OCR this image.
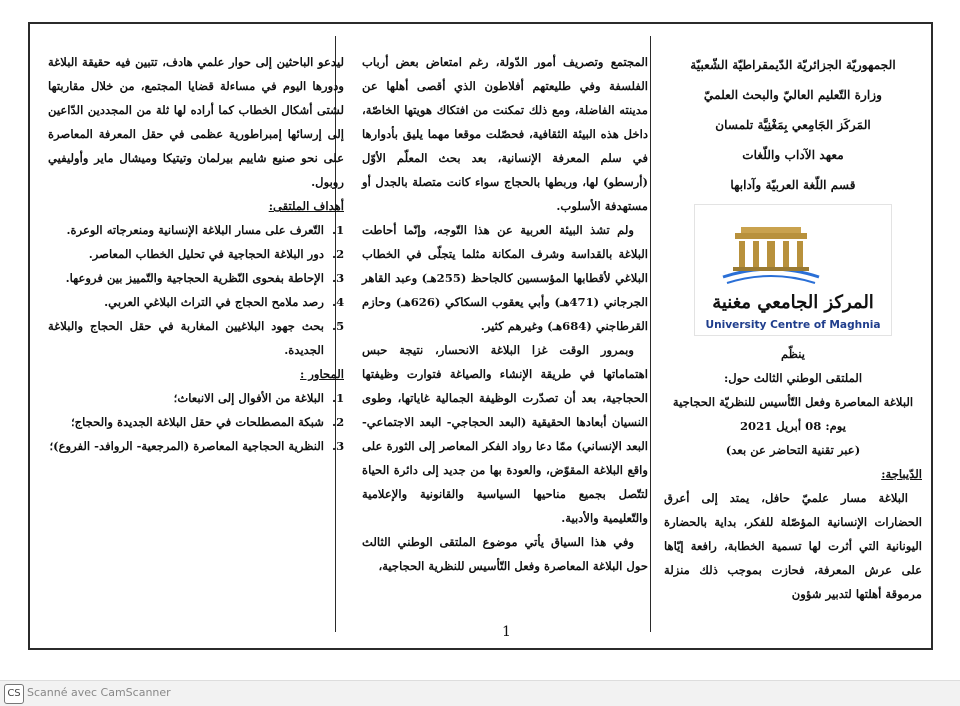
الجمهوريّة الجزائريّة الدّيمقراطيّة الشّعبيّة
وزارة التّعليم العاليّ والبحث العلميّ
المَركَز الجَامِعي بِمَغْنِيَّة تلمسان
معهد الآداب واللّغات
قسم اللّغة العربيّة وآدابها
المركز الجامعي مغنية
University Centre of Maghnia
ينظّم
الملتقى الوطني الثالث حول:
البلاغة المعاصرة وفعل التّأسيس للنظريّة الحجاجية
يوم: 08 أبريل 2021
(عبر تقنية التحاضر عن بعد)
الدّيباجة:

البلاغة مسار علميّ حافل، يمتد إلى أعرق الحضارات الإنسانية المؤصّلة للفكر، بداية بالحضارة اليونانية التي أثرت لها تسمية الخطابة، رافعة إيّاها على عرش المعرفة، فحازت بموجب ذلك منزلة مرموقة أهلتها لتدبير شؤون

المجتمع وتصريف أمور الدّولة، رغم امتعاض بعض أرباب الفلسفة وفي طليعتهم أفلاطون الذي أقصى أهلها عن مدينته الفاضلة، ومع ذلك تمكنت من افتكاك هويتها الخاصّة، داخل هذه البيئة الثقافية، فحصّلت موقعا مهما يليق بأدوارها في سلم المعرفة الإنسانية، بعد بحث المعلّم الأوّل (أرسطو) لها، وربطها بالحجاج سواء كانت متصلة بالجدل أو مستهدفة الأسلوب.

ولم تشذ البيئة العربية عن هذا التّوجه، وإنّما أحاطت البلاغة بالقداسة وشرف المكانة مثلما يتجلّى في الخطاب البلاغي لأقطابها المؤسسين كالجاحظ (255هـ) وعبد القاهر الجرجاني (471هـ) وأبي يعقوب السكاكي (626هـ) وحازم القرطاجني (684هـ) وغيرهم كثير.

وبمرور الوقت غزا البلاغة الانحسار، نتيجة حبس اهتماماتها في طريقة الإنشاء والصياغة فتوارت وظيفتها الحجاجية، بعد أن تصدّرت الوظيفة الجمالية غاياتها، وطوى النسيان أبعادها الحقيقية (البعد الحجاجي- البعد الاجتماعي- البعد الإنساني) ممّا دعا رواد الفكر المعاصر إلى الثورة على واقع البلاغة المقوّض، والعودة بها من جديد إلى دائرة الحياة لتتّصل بجميع مناحيها السياسية والقانونية والإعلامية والتّعليمية والأدبية.

وفي هذا السياق يأتي موضوع الملتقى الوطني الثالث حول البلاغة المعاصرة وفعل التّأسيس للنظرية الحجاجية،

ليدعو الباحثين إلى حوار علمي هادف، تتبين فيه حقيقة البلاغة ودورها اليوم في مساءلة قضايا المجتمع، من خلال مقاربتها لشتى أشكال الخطاب كما أراده لها ثلة من المجددين الدّاعين إلى إرسائها إمبراطورية عظمى في حقل المعرفة المعاصرة على نحو صنيع شاييم بيرلمان وتيتيكا وميشال ماير وأوليفيي روبول.

أهداف الملتقى:
1. التّعرف على مسار البلاغة الإنسانية ومنعرجاته الوعرة.
2. دور البلاغة الحجاجية في تحليل الخطاب المعاصر.
3. الإحاطة بفحوى النّظرية الحجاجية والتّمييز بين فروعها.
4. رصد ملامح الحجاج في التراث البلاغي العربي.
5. بحث جهود البلاغيين المغاربة في حقل الحجاج والبلاغة الجديدة.
المحاور :
1. البلاغة من الأفوال إلى الانبعاث؛
2. شبكة المصطلحات في حقل البلاغة الجديدة والحجاج؛
3. النظرية الحجاجية المعاصرة (المرجعية- الروافد- الفروع)؛
1
CS Scanné avec CamScanner
